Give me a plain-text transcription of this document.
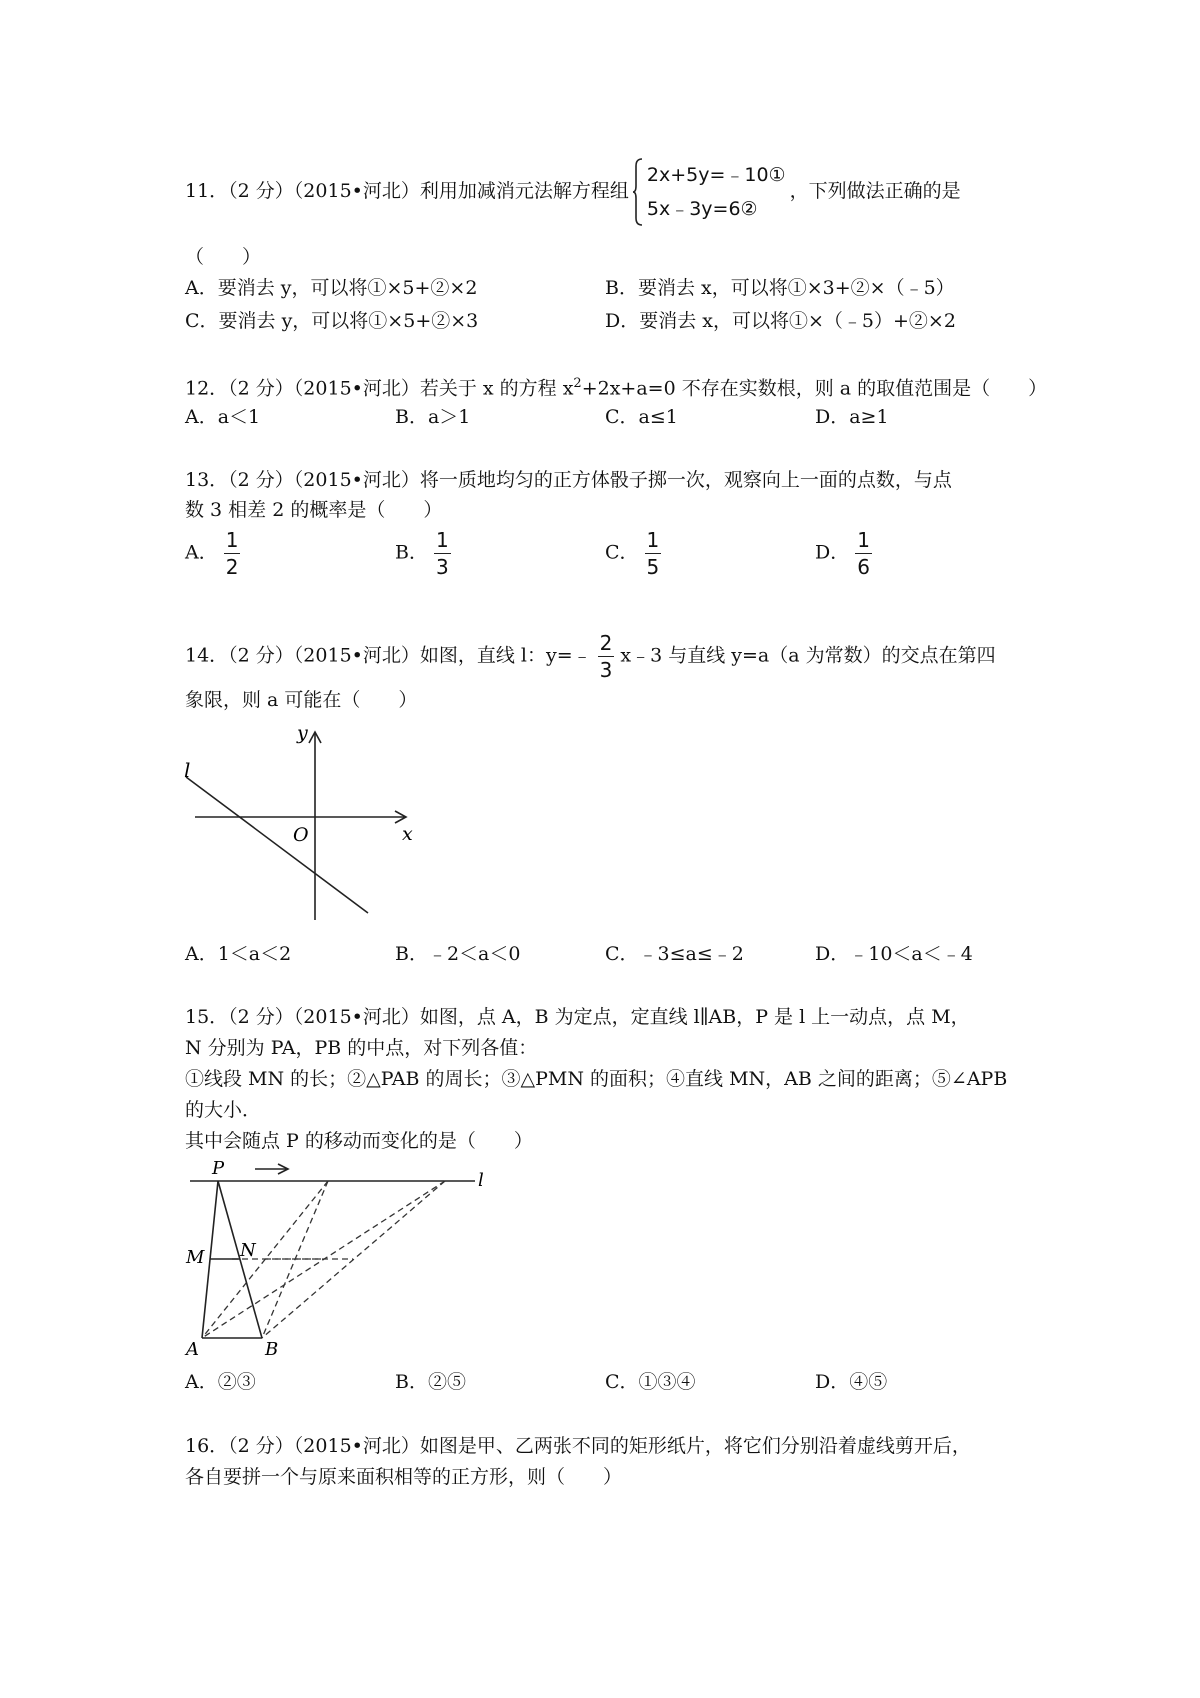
11．（2 分）（2015•河北）利用加减消元法解方程组
2x+5y=﹣10①
5x﹣3y=6②
，下列做法正确的是
（　　）
A．要消去 y，可以将①×5+②×2	B．要消去 x，可以将①×3+②×（﹣5）
C．要消去 y，可以将①×5+②×3	D．要消去 x，可以将①×（﹣5）+②×2
12．（2 分）（2015•河北）若关于 x 的方程 $x^2+2x+a=0$ 不存在实数根，则 a 的取值范围是（　　）
A．a＜1	B．a＞1	C．a≤1	D．a≥1
13．（2 分）（2015•河北）将一质地均匀的正方体骰子掷一次，观察向上一面的点数，与点
数 3 相差 2 的概率是（　　）
A． $\frac{1}{2}$	B． $\frac{1}{3}$	C． $\frac{1}{5}$	D． $\frac{1}{6}$
14．（2 分）（2015•河北）如图，直线 l：y=﹣ $\frac{2}{3}$ x﹣3 与直线 y=a（a 为常数）的交点在第四
象限，则 a 可能在（　　）
l
y
x
O
A．1＜a＜2	B．﹣2＜a＜0	C．﹣3≤a≤﹣2	D．﹣10＜a＜﹣4
15．（2 分）（2015•河北）如图，点 A，B 为定点，定直线 l∥AB，P 是 l 上一动点，点 M，
N 分别为 PA，PB 的中点，对下列各值：
①线段 MN 的长；②△PAB 的周长；③△PMN 的面积；④直线 MN，AB 之间的距离；⑤∠APB
的大小．
其中会随点 P 的移动而变化的是（　　）
P
l
M N
A	B
A．②③	B．②⑤	C．①③④	D．④⑤
16．（2 分）（2015•河北）如图是甲、乙两张不同的矩形纸片，将它们分别沿着虚线剪开后，
各自要拼一个与原来面积相等的正方形，则（　　）
